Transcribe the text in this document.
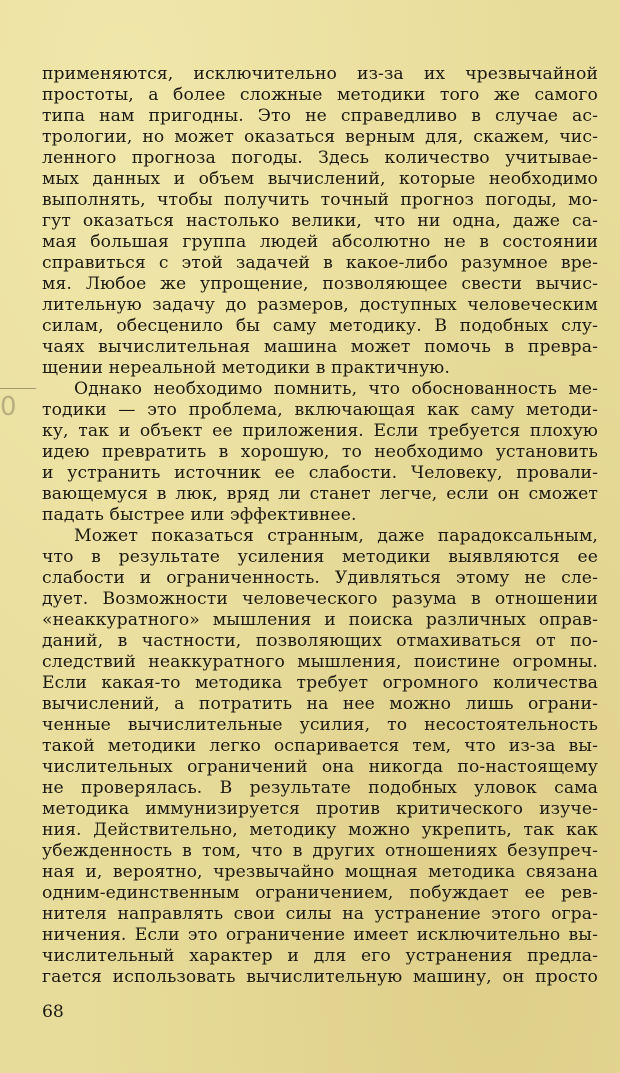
0
применяются, исключительно из-за их чрезвычайной
простоты, а более сложные методики того же самого
типа нам пригодны. Это не справедливо в случае ас-
трологии, но может оказаться верным для, скажем, чис-
ленного прогноза погоды. Здесь количество учитывае-
мых данных и объем вычислений, которые необходимо
выполнять, чтобы получить точный прогноз погоды, мо-
гут оказаться настолько велики, что ни одна, даже са-
мая большая группа людей абсолютно не в состоянии
справиться с этой задачей в какое-либо разумное вре-
мя. Любое же упрощение, позволяющее свести вычис-
лительную задачу до размеров, доступных человеческим
силам, обесценило бы саму методику. В подобных слу-
чаях вычислительная машина может помочь в превра-
щении нереальной методики в практичную.
Однако необходимо помнить, что обоснованность ме-
тодики — это проблема, включающая как саму методи-
ку, так и объект ее приложения. Если требуется плохую
идею превратить в хорошую, то необходимо установить
и устранить источник ее слабости. Человеку, провали-
вающемуся в люк, вряд ли станет легче, если он сможет
падать быстрее или эффективнее.
Может показаться странным, даже парадоксальным,
что в результате усиления методики выявляются ее
слабости и ограниченность. Удивляться этому не сле-
дует. Возможности человеческого разума в отношении
«неаккуратного» мышления и поиска различных оправ-
даний, в частности, позволяющих отмахиваться от по-
следствий неаккуратного мышления, поистине огромны.
Если какая-то методика требует огромного количества
вычислений, а потратить на нее можно лишь ограни-
ченные вычислительные усилия, то несостоятельность
такой методики легко оспаривается тем, что из-за вы-
числительных ограничений она никогда по-настоящему
не проверялась. В результате подобных уловок сама
методика иммунизируется против критического изуче-
ния. Действительно, методику можно укрепить, так как
убежденность в том, что в других отношениях безупреч-
ная и, вероятно, чрезвычайно мощная методика связана
одним-единственным ограничением, побуждает ее рев-
нителя направлять свои силы на устранение этого огра-
ничения. Если это ограничение имеет исключительно вы-
числительный характер и для его устранения предла-
гается использовать вычислительную машину, он просто
68
